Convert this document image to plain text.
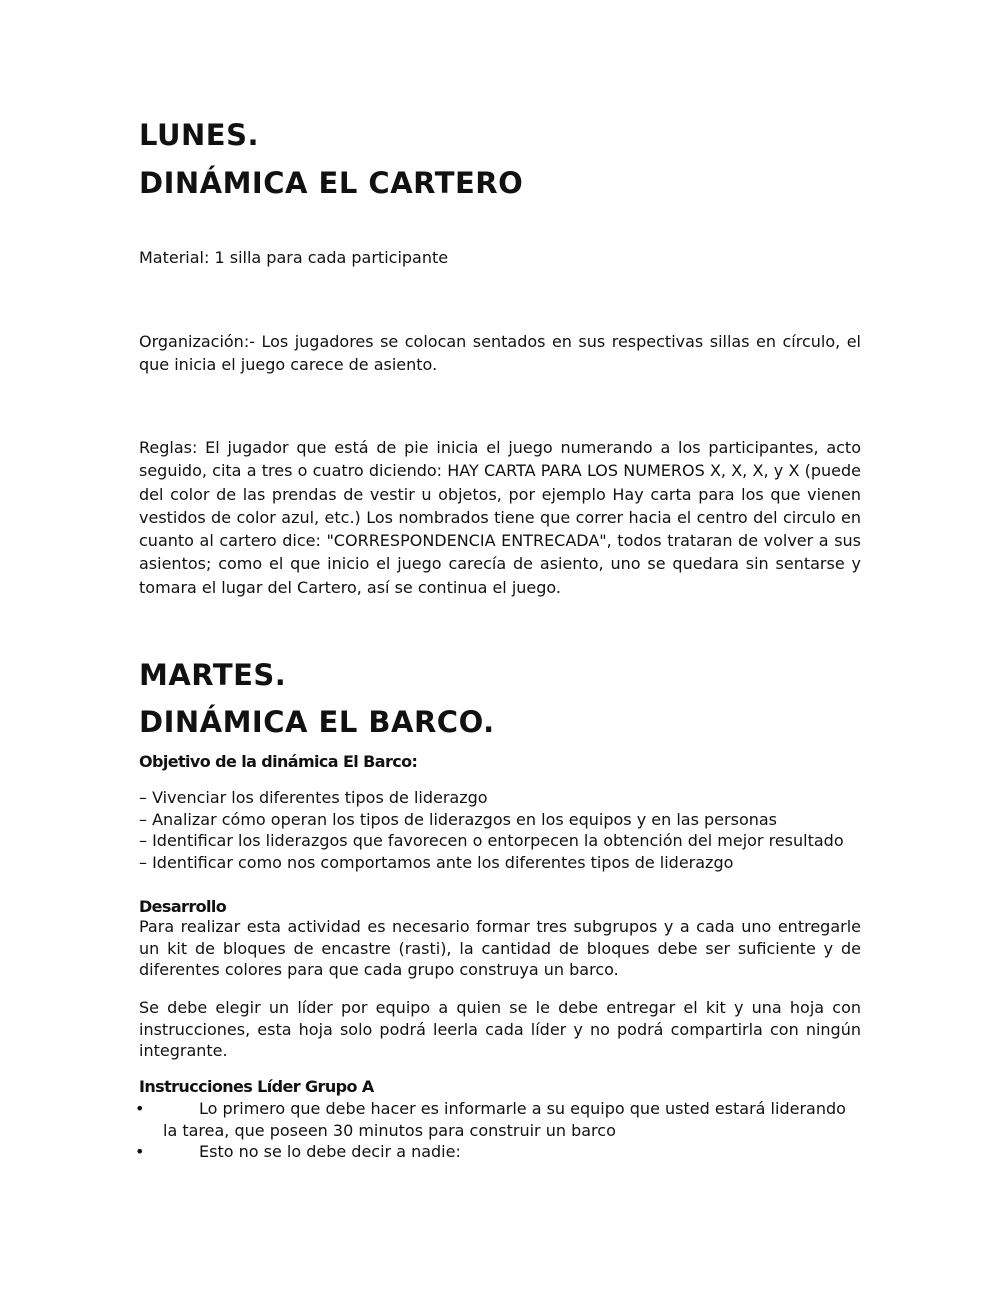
LUNES.
DINÁMICA EL CARTERO

Material: 1 silla para cada participante

Organización:- Los jugadores se colocan sentados en sus respectivas sillas en círculo, el que inicia el juego carece de asiento.

Reglas: El jugador que está de pie inicia el juego numerando a los participantes, acto seguido, cita a tres o cuatro diciendo: HAY CARTA PARA LOS NUMEROS X, X, X, y X (puede del color de las prendas de vestir u objetos, por ejemplo Hay carta para los que vienen vestidos de color azul, etc.) Los nombrados tiene que correr hacia el centro del circulo en cuanto al cartero dice: "CORRESPONDENCIA ENTRECADA", todos trataran de volver a sus asientos; como el que inicio el juego carecía de asiento, uno se quedara sin sentarse y tomara el lugar del Cartero, así se continua el juego.

MARTES.
DINÁMICA EL BARCO.

Objetivo de la dinámica El Barco:

– Vivenciar los diferentes tipos de liderazgo
– Analizar cómo operan los tipos de liderazgos en los equipos y en las personas
– Identificar los liderazgos que favorecen o entorpecen la obtención del mejor resultado
– Identificar como nos comportamos ante los diferentes tipos de liderazgo

Desarrollo

Para realizar esta actividad es necesario formar tres subgrupos y a cada uno entregarle un kit de bloques de encastre (rasti), la cantidad de bloques debe ser suficiente y de diferentes colores para que cada grupo construya un barco.

Se debe elegir un líder por equipo a quien se le debe entregar el kit y una hoja con instrucciones, esta hoja solo podrá leerla cada líder y no podrá compartirla con ningún integrante.

Instrucciones Líder Grupo A

•	Lo primero que debe hacer es informarle a su equipo que usted estará liderando
la tarea, que poseen 30 minutos para construir un barco
•	Esto no se lo debe decir a nadie:
